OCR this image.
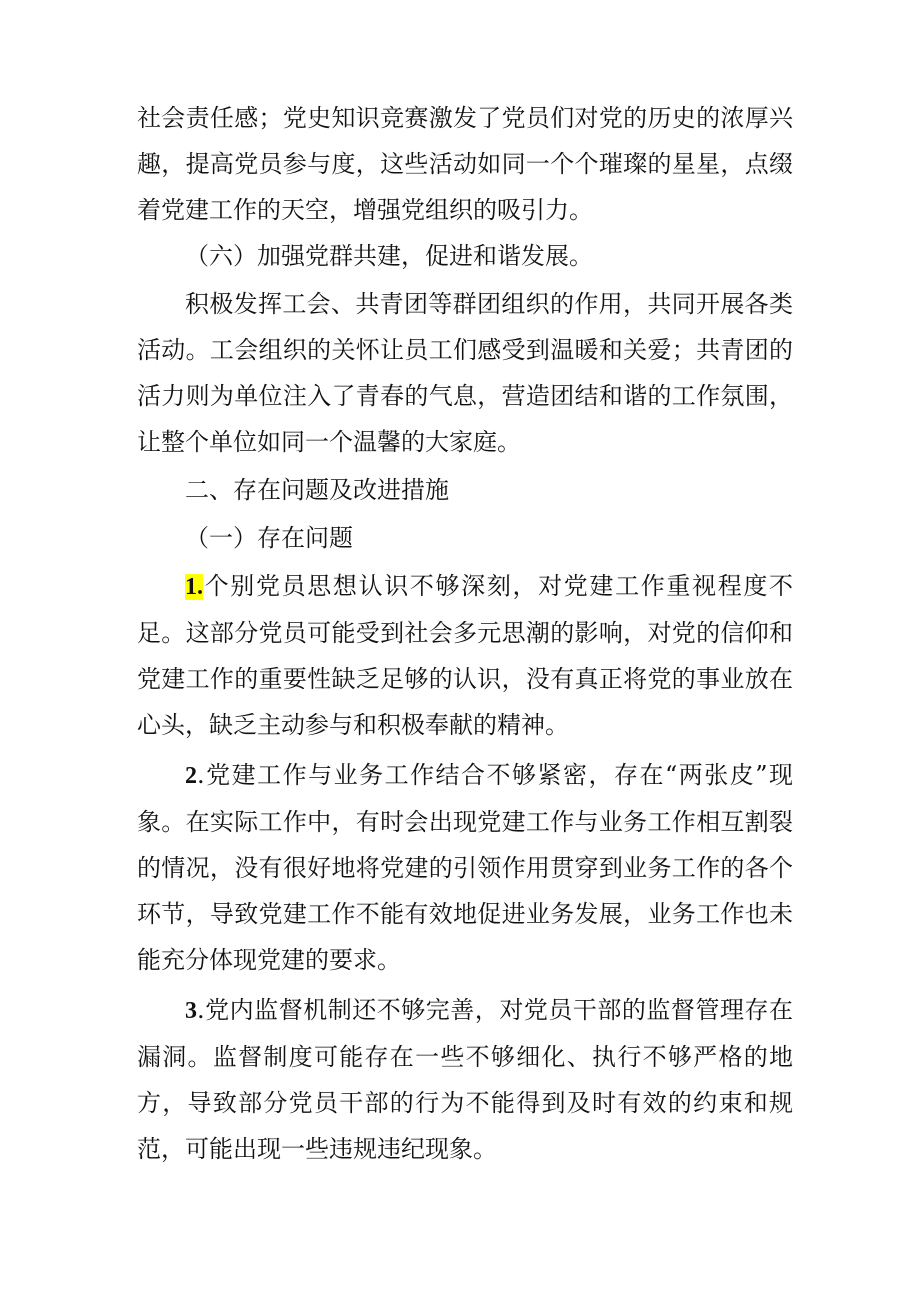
社会责任感；党史知识竞赛激发了党员们对党的历史的浓厚兴趣，提高党员参与度，这些活动如同一个个璀璨的星星，点缀着党建工作的天空，增强党组织的吸引力。

（六）加强党群共建，促进和谐发展。

积极发挥工会、共青团等群团组织的作用，共同开展各类活动。工会组织的关怀让员工们感受到温暖和关爱；共青团的活力则为单位注入了青春的气息，营造团结和谐的工作氛围，让整个单位如同一个温馨的大家庭。

二、存在问题及改进措施

（一）存在问题

1.个别党员思想认识不够深刻，对党建工作重视程度不足。这部分党员可能受到社会多元思潮的影响，对党的信仰和党建工作的重要性缺乏足够的认识，没有真正将党的事业放在心头，缺乏主动参与和积极奉献的精神。

2.党建工作与业务工作结合不够紧密，存在“两张皮”现象。在实际工作中，有时会出现党建工作与业务工作相互割裂的情况，没有很好地将党建的引领作用贯穿到业务工作的各个环节，导致党建工作不能有效地促进业务发展，业务工作也未能充分体现党建的要求。

3.党内监督机制还不够完善，对党员干部的监督管理存在漏洞。监督制度可能存在一些不够细化、执行不够严格的地方，导致部分党员干部的行为不能得到及时有效的约束和规范，可能出现一些违规违纪现象。
